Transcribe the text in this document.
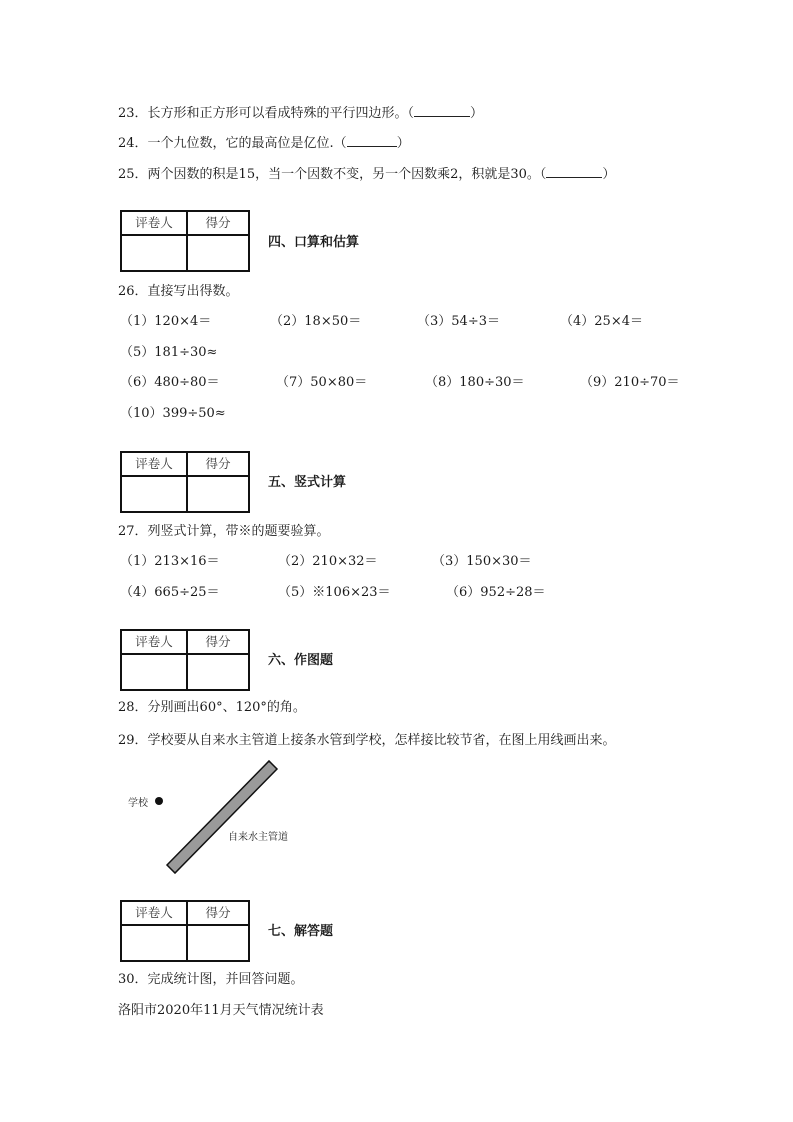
23．长方形和正方形可以看成特殊的平行四边形。（	）
24．一个九位数，它的最高位是亿位.（	）
25．两个因数的积是15，当一个因数不变，另一个因数乘2，积就是30。（	）
评卷人	得分
四、口算和估算
26．直接写出得数。
（1）120×4＝	（2）18×50＝	（3）54÷3＝	（4）25×4＝
（5）181÷30≈
（6）480÷80＝	（7）50×80＝	（8）180÷30＝	（9）210÷70＝
（10）399÷50≈
评卷人	得分
五、竖式计算
27．列竖式计算，带※的题要验算。
（1）213×16＝	（2）210×32＝	（3）150×30＝
（4）665÷25＝	（5）※106×23＝	（6）952÷28＝
评卷人	得分
六、作图题
28．分别画出60°、120°的角。
29．学校要从自来水主管道上接条水管到学校，怎样接比较节省，在图上用线画出来。
学校
自来水主管道
评卷人	得分
七、解答题
30．完成统计图，并回答问题。
洛阳市2020年11月天气情况统计表
